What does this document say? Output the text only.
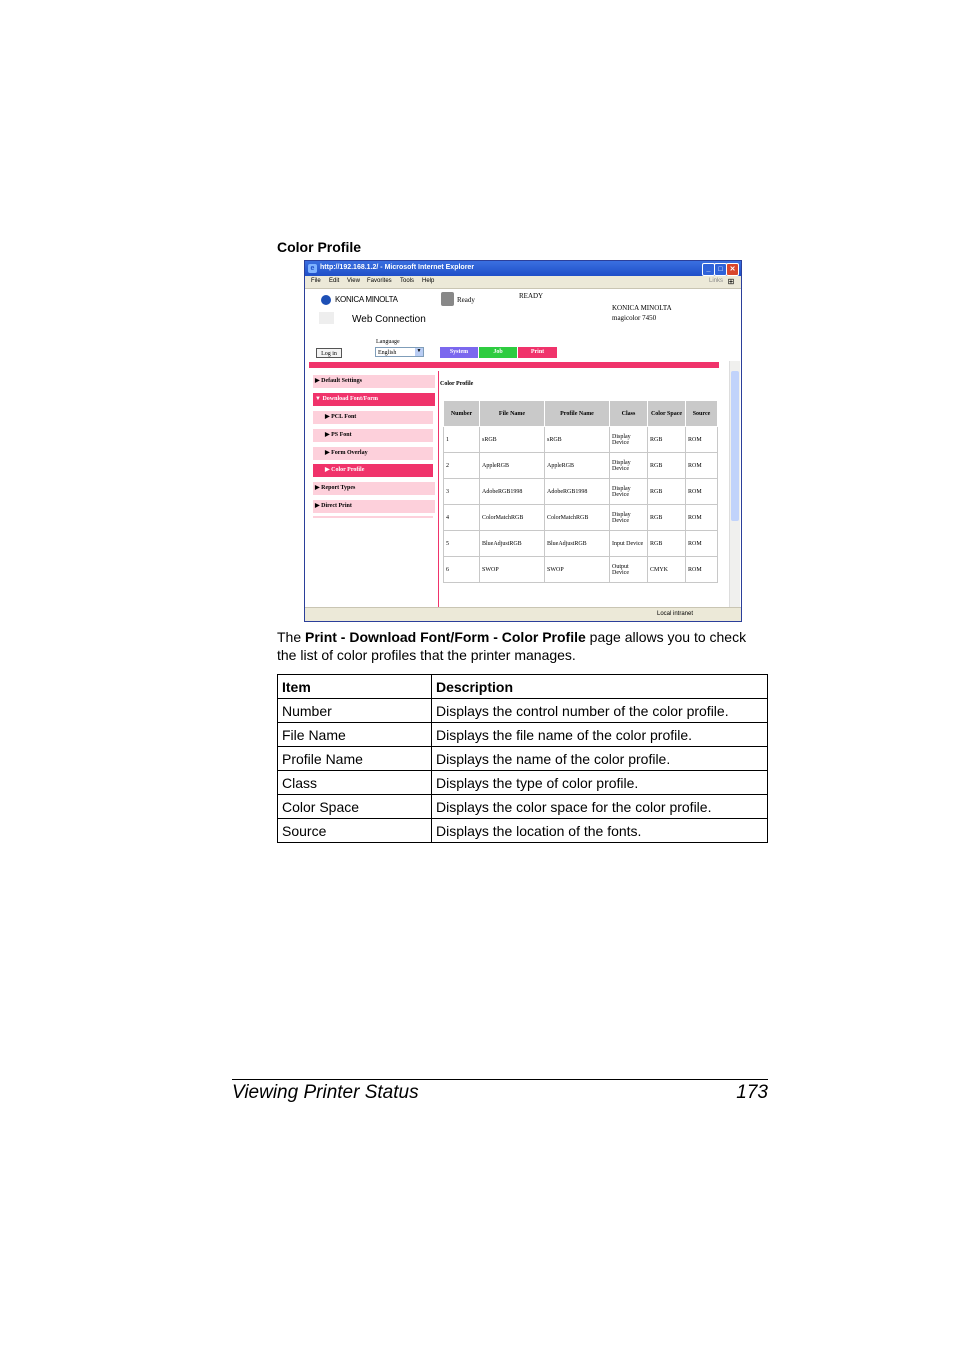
Color Profile
e http://192.168.1.2/ - Microsoft Internet Explorer	_	□ ✕
File Edit View Favorites Tools Help	Links ⊞
KONICA MINOLTA
Web Connection
Ready	READY
KONICA MINOLTA
magicolor 7450
Language
English	▼
Log in	System	Job	Print
▶ Default Settings
▼ Download Font/Form
▶ PCL Font
▶ PS Font
▶ Form Overlay
▶ Color Profile
▶ Report Types
▶ Direct Print
Color Profile
Number	File Name	Profile Name	Class	Color Space	Source
1	sRGB	sRGB	Display Device	RGB	ROM
2	AppleRGB	AppleRGB	Display Device	RGB	ROM
3	AdobeRGB1998	AdobeRGB1998	Display Device	RGB	ROM
4	ColorMatchRGB	ColorMatchRGB	Display Device	RGB	ROM
5	BlueAdjustRGB	BlueAdjustRGB	Input Device	RGB	ROM
6	SWOP	SWOP	Output Device	CMYK	ROM
Local intranet
The Print - Download Font/Form - Color Profile page allows you to check the list of color profiles that the printer manages.
Item	Description
Number	Displays the control number of the color profile.
File Name	Displays the file name of the color profile.
Profile Name	Displays the name of the color profile.
Class	Displays the type of color profile.
Color Space	Displays the color space for the color profile.
Source	Displays the location of the fonts.
Viewing Printer Status	173
